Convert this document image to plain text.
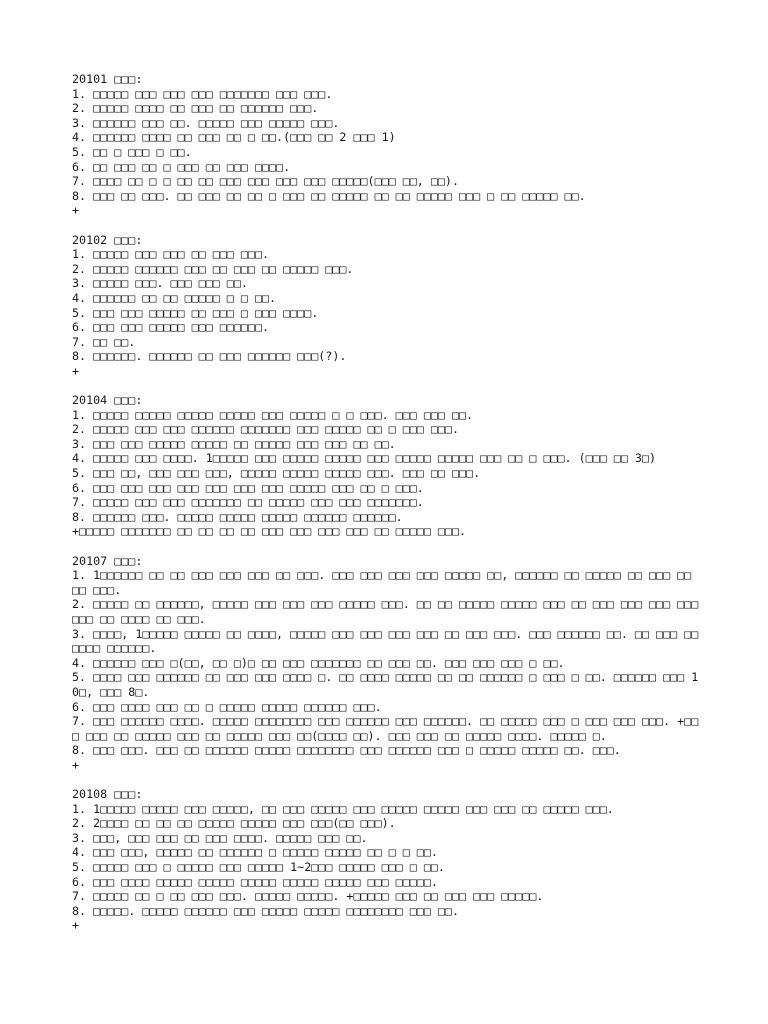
20101 □□□:
1. □□□□□ □□□ □□□ □□□ □□□□□□□ □□□ □□□.
2. □□□□□ □□□□ □□ □□□ □□ □□□□□□ □□□.
3. □□□□□□ □□□ □□. □□□□□ □□□ □□□□□ □□□.
4. □□□□□□ □□□□ □□ □□□ □□ □ □□.(□□□ □□ 2 □□□ 1)
5. □□ □ □□□ □ □□.
6. □□ □□□ □□ □ □□□ □□ □□□ □□□□.
7. □□□□ □□ □ □ □□ □□ □□□ □□□ □□□ □□□ □□□□□(□□□ □□, □□).
8. □□□ □□ □□□. □□ □□□ □□ □□ □ □□□ □□ □□□□□ □□ □□ □□□□□ □□□ □ □□ □□□□□ □□.
+
20102 □□□:
1. □□□□□ □□□ □□□ □□ □□□ □□□.
2. □□□□□ □□□□□□ □□□ □□ □□□ □□ □□□□□ □□□.
3. □□□□□ □□□. □□□ □□□ □□.
4. □□□□□□ □□ □□ □□□□□ □ □ □□.
5. □□□ □□□ □□□□□ □□ □□□ □ □□□ □□□□.
6. □□□ □□□ □□□□□ □□□ □□□□□□.
7. □□ □□.
8. □□□□□□. □□□□□□ □□ □□□ □□□□□□ □□□(?).
+
20104 □□□:
1. □□□□□ □□□□□ □□□□□ □□□□□ □□□ □□□□□ □ □ □□□. □□□ □□□ □□.
2. □□□□□ □□□ □□□ □□□□□□ □□□□□□□ □□□ □□□□□ □□ □ □□□ □□□.
3. □□□ □□□ □□□□□ □□□□□ □□ □□□□□ □□□ □□□ □□ □□.
4. □□□□□ □□□ □□□□. 1□□□□□ □□□ □□□□□ □□□□□ □□□ □□□□□ □□□□□ □□□ □□ □ □□□. (□□□ □□ 3□)
5. □□□ □□, □□□ □□□ □□□, □□□□□ □□□□□ □□□□□ □□□. □□□ □□ □□□.
6. □□□ □□□ □□□ □□□ □□□ □□□ □□□ □□□□□ □□□ □□ □ □□□.
7. □□□□□ □□□ □□□ □□□□□□□ □□ □□□□□ □□□ □□□ □□□□□□□.
8. □□□□□□ □□□. □□□□□ □□□□□ □□□□□ □□□□□□ □□□□□□.
+□□□□□ □□□□□□□ □□ □□ □□ □□ □□□ □□□ □□□ □□□ □□ □□□□□ □□□.
20107 □□□:
1. 1□□□□□□ □□ □□ □□□ □□□ □□□ □□ □□□. □□□ □□□ □□□ □□□ □□□□□ □□, □□□□□□ □□ □□□□□ □□ □□□ □□ □□ □□□.
2. □□□□□ □□ □□□□□□, □□□□□ □□□ □□□ □□□ □□□□□ □□□. □□ □□ □□□□□ □□□□□ □□□ □□ □□□ □□□ □□□ □□□ □□□ □□ □□□□ □□ □□□.
3. □□□□, 1□□□□□ □□□□□ □□ □□□□, □□□□□ □□□ □□□ □□□ □□□ □□ □□□ □□□. □□□ □□□□□□ □□. □□ □□□ □□□□□□ □□□□□□.
4. □□□□□□ □□□ □(□□, □□ □)□ □□ □□□ □□□□□□□ □□ □□□ □□. □□□ □□□ □□□ □ □□.
5. □□□□ □□□ □□□□□□ □□ □□□ □□□ □□□□ □. □□ □□□□ □□□□□ □□ □□ □□□□□□ □ □□□ □ □□. □□□□□□ □□□ 10□, □□□ 8□.
6. □□□ □□□□ □□□ □□ □ □□□□□ □□□□□ □□□□□□ □□□.
7. □□□ □□□□□□ □□□□. □□□□□ □□□□□□□□ □□□ □□□□□□ □□□ □□□□□□. □□ □□□□□ □□□ □ □□□ □□□ □□□. +□□ □ □□□ □□ □□□□□ □□□ □□ □□□□□ □□□ □□(□□□□ □□). □□□ □□□ □□ □□□□□ □□□□. □□□□□ □.
8. □□□ □□□. □□□ □□ □□□□□□ □□□□□ □□□□□□□□ □□□ □□□□□□ □□□ □ □□□□□ □□□□□ □□. □□□.
+
20108 □□□:
1. 1□□□□□ □□□□□ □□□ □□□□□, □□ □□□ □□□□□ □□□ □□□□□ □□□□□ □□□ □□□ □□ □□□□□ □□□.
2. 2□□□□ □□ □□ □□ □□□□□ □□□□□ □□□ □□□(□□ □□□).
3. □□□, □□□ □□□ □□ □□□ □□□□. □□□□□ □□□ □□.
4. □□□ □□□, □□□□□ □□ □□□□□□ □ □□□□□ □□□□□ □□ □ □ □□.
5. □□□□□ □□□ □ □□□□□ □□□ □□□□□ 1~2□□□ □□□□□ □□□ □ □□.
6. □□□ □□□□ □□□□□ □□□□□ □□□□□ □□□□□ □□□□□ □□□ □□□□□.
7. □□□□□ □□ □ □□ □□□ □□□. □□□□□ □□□□□. +□□□□□ □□□ □□ □□□ □□□ □□□□□.
8. □□□□□. □□□□□ □□□□□□ □□□ □□□□□ □□□□□ □□□□□□□□ □□□ □□.
+
